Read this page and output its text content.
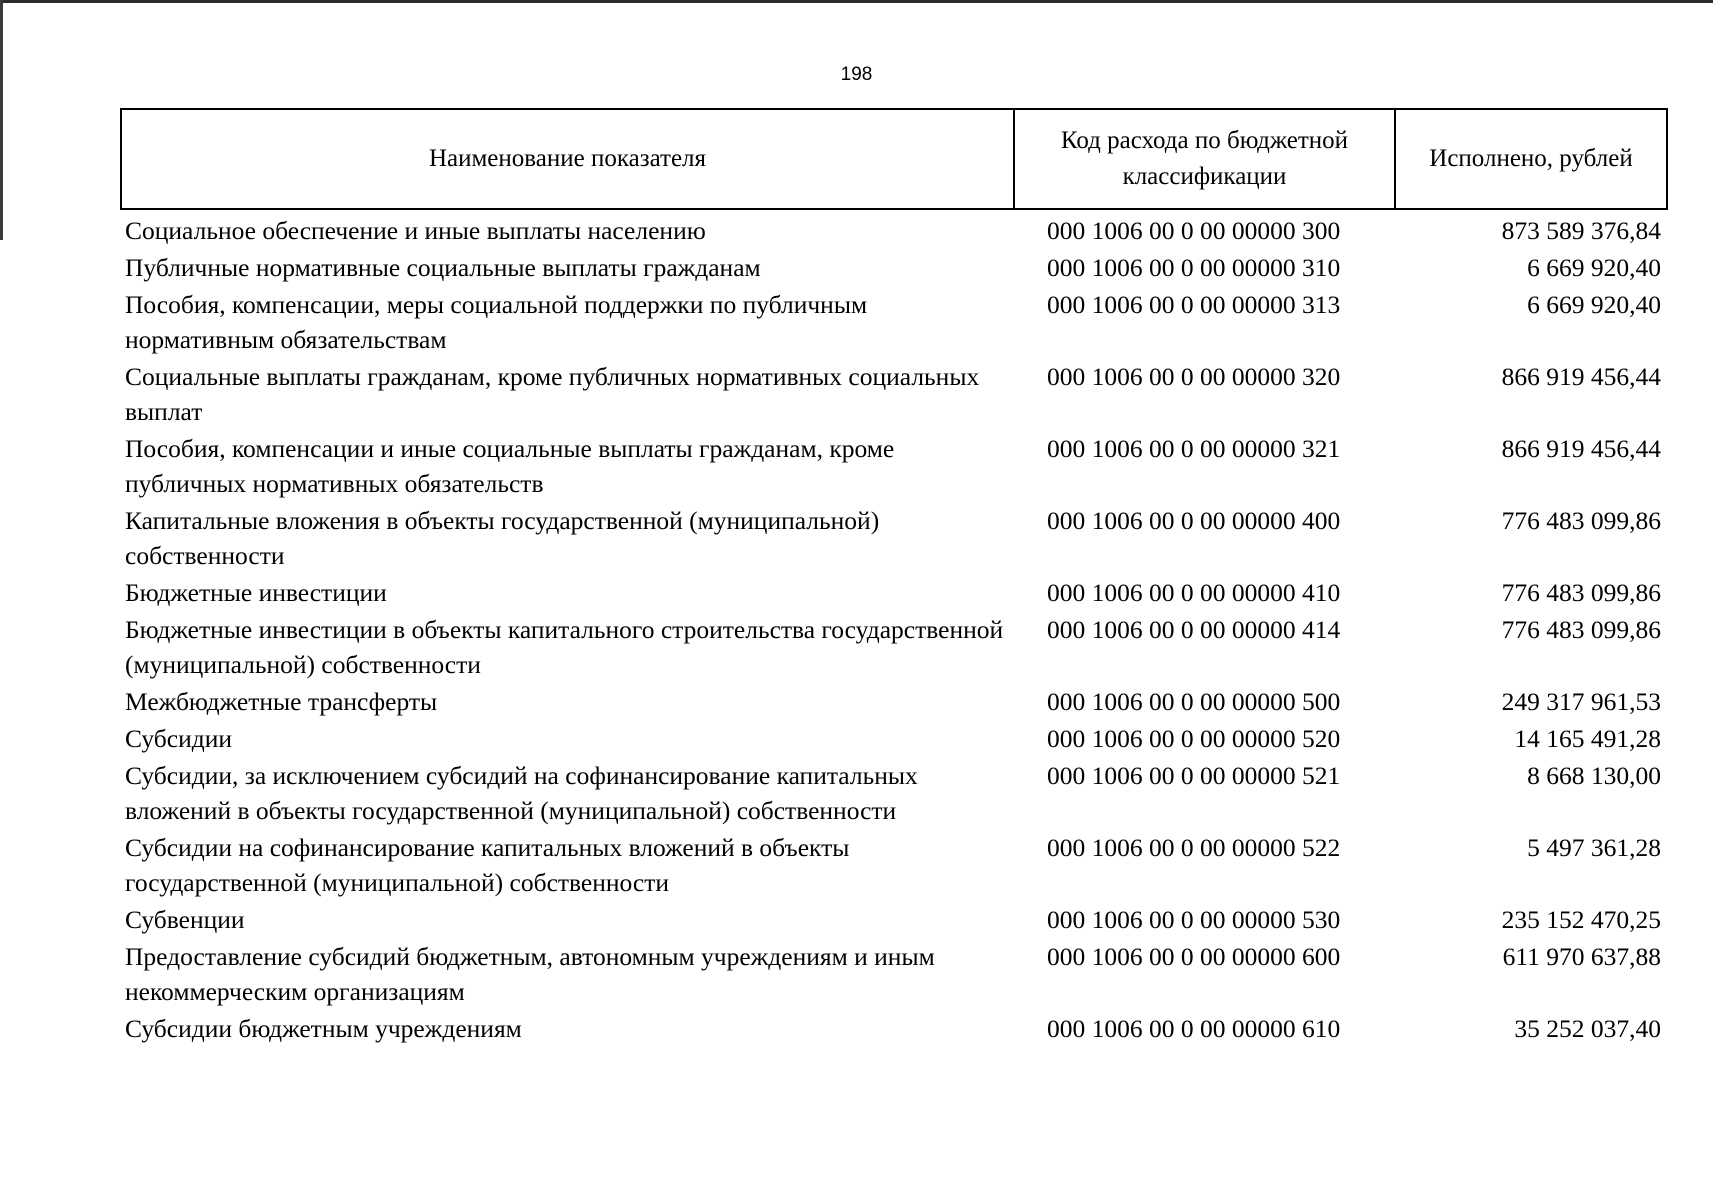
198
Наименование показателя	Код расхода по бюджетной классификации	Исполнено, рублей
Социальное обеспечение и иные выплаты населению	000 1006 00 0 00 00000 300	873 589 376,84
Публичные нормативные социальные выплаты гражданам	000 1006 00 0 00 00000 310	6 669 920,40
Пособия, компенсации, меры социальной поддержки по публичным нормативным обязательствам	000 1006 00 0 00 00000 313	6 669 920,40
Социальные выплаты гражданам, кроме публичных нормативных социальных выплат	000 1006 00 0 00 00000 320	866 919 456,44
Пособия, компенсации и иные социальные выплаты гражданам, кроме публичных нормативных обязательств	000 1006 00 0 00 00000 321	866 919 456,44
Капитальные вложения в объекты государственной (муниципальной) собственности	000 1006 00 0 00 00000 400	776 483 099,86
Бюджетные инвестиции	000 1006 00 0 00 00000 410	776 483 099,86
Бюджетные инвестиции в объекты капитального строительства государственной (муниципальной) собственности	000 1006 00 0 00 00000 414	776 483 099,86
Межбюджетные трансферты	000 1006 00 0 00 00000 500	249 317 961,53
Субсидии	000 1006 00 0 00 00000 520	14 165 491,28
Субсидии, за исключением субсидий на софинансирование капитальных вложений в объекты государственной (муниципальной) собственности	000 1006 00 0 00 00000 521	8 668 130,00
Субсидии на софинансирование капитальных вложений в объекты государственной (муниципальной) собственности	000 1006 00 0 00 00000 522	5 497 361,28
Субвенции	000 1006 00 0 00 00000 530	235 152 470,25
Предоставление субсидий бюджетным, автономным учреждениям и иным некоммерческим организациям	000 1006 00 0 00 00000 600	611 970 637,88
Субсидии бюджетным учреждениям	000 1006 00 0 00 00000 610	35 252 037,40
